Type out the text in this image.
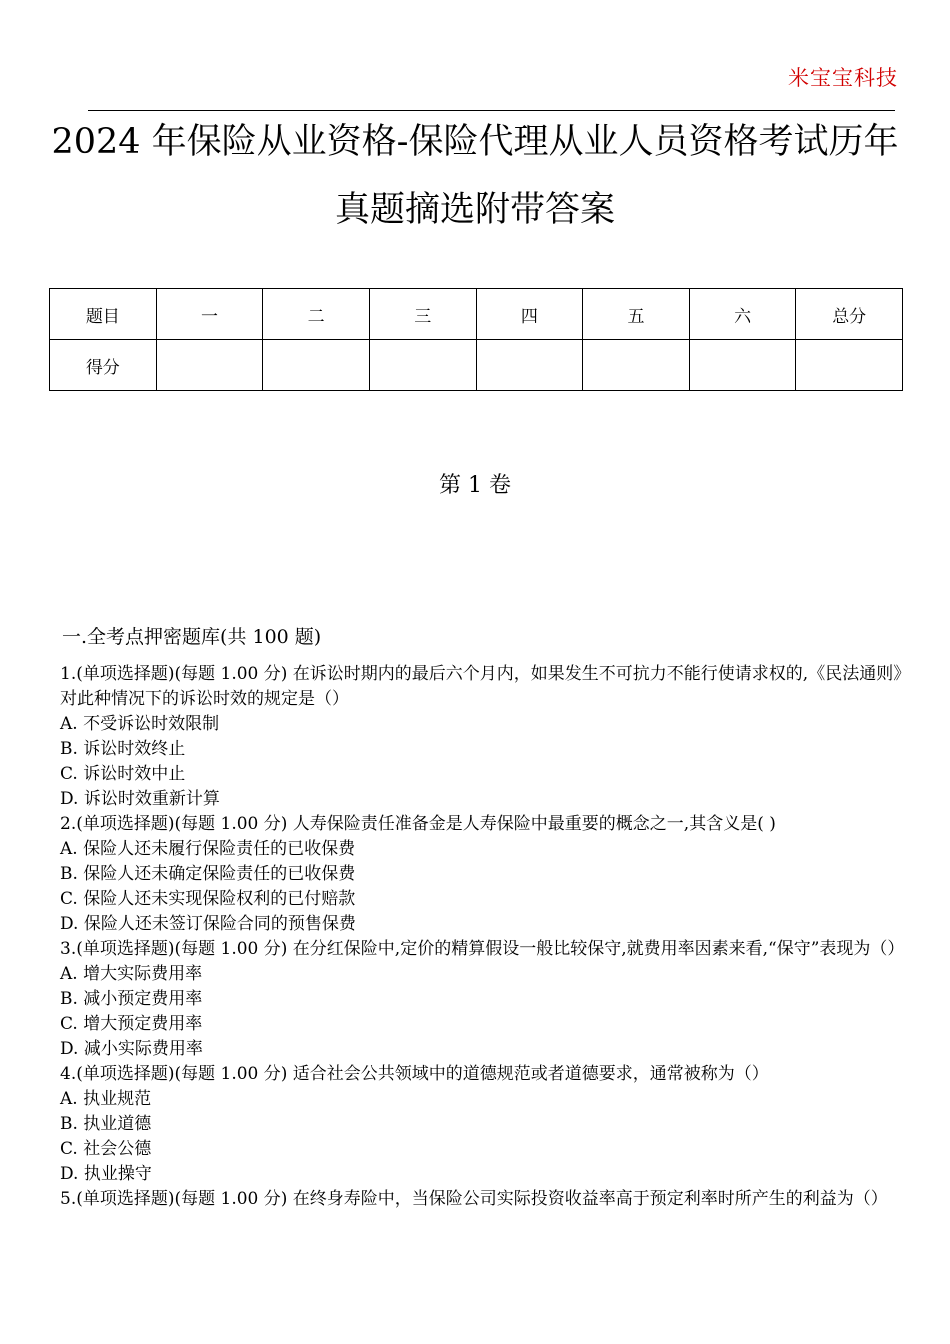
米宝宝科技
2024 年保险从业资格-保险代理从业人员资格考试历年真题摘选附带答案
题目	一	二	三	四	五	六	总分
得分							
第 1 卷
一.全考点押密题库(共 100 题)

1.(单项选择题)(每题 1.00 分) 在诉讼时期内的最后六个月内，如果发生不可抗力不能行使请求权的,《民法通则》对此种情况下的诉讼时效的规定是（）

A. 不受诉讼时效限制

B. 诉讼时效终止

C. 诉讼时效中止

D. 诉讼时效重新计算

2.(单项选择题)(每题 1.00 分) 人寿保险责任准备金是人寿保险中最重要的概念之一,其含义是( )

A. 保险人还未履行保险责任的已收保费

B. 保险人还未确定保险责任的已收保费

C. 保险人还未实现保险权利的已付赔款

D. 保险人还未签订保险合同的预售保费

3.(单项选择题)(每题 1.00 分) 在分红保险中,定价的精算假设一般比较保守,就费用率因素来看,“保守”表现为（）

A. 增大实际费用率

B. 减小预定费用率

C. 增大预定费用率

D. 减小实际费用率

4.(单项选择题)(每题 1.00 分) 适合社会公共领域中的道德规范或者道德要求，通常被称为（）

A. 执业规范

B. 执业道德

C. 社会公德

D. 执业操守

5.(单项选择题)(每题 1.00 分) 在终身寿险中，当保险公司实际投资收益率高于预定利率时所产生的利益为（）
